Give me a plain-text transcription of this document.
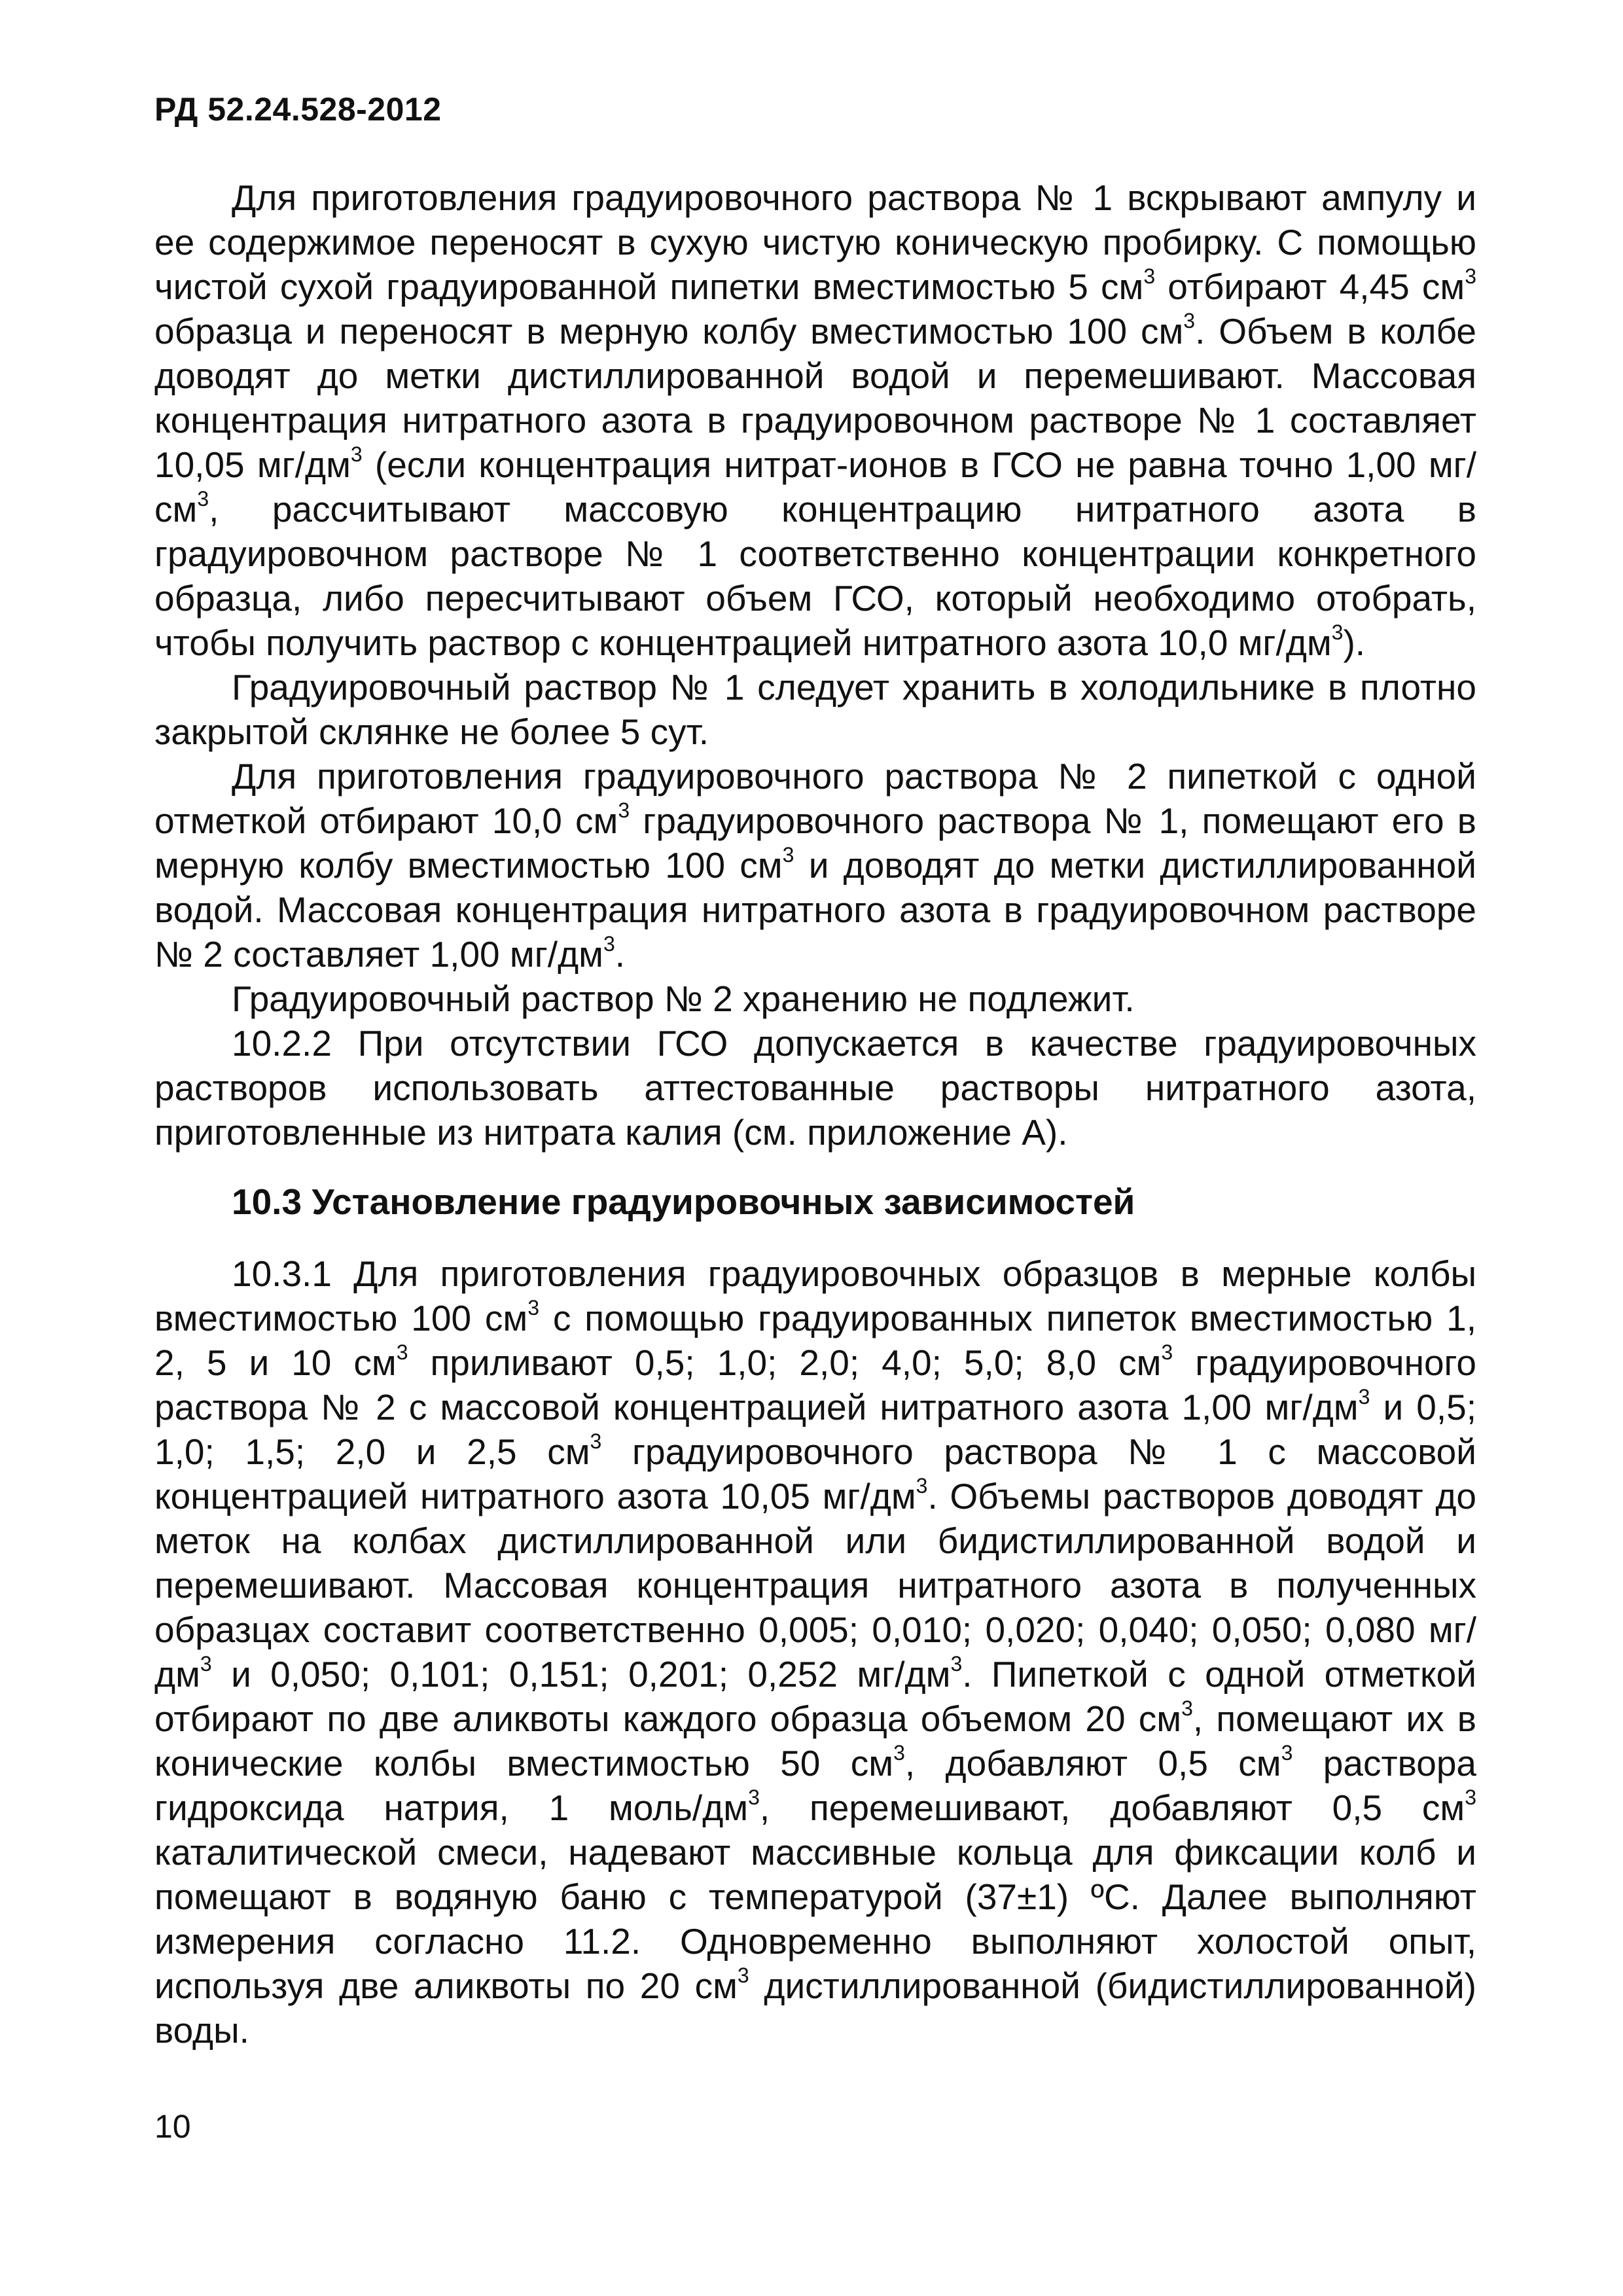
РД 52.24.528-2012

Для приготовления градуировочного раствора № 1 вскрывают ампулу и ее содержимое переносят в сухую чистую коническую пробирку. С помощью чистой сухой градуированной пипетки вместимостью 5 $см^3$ отбирают 4,45 $см^3$ образца и переносят в мерную колбу вместимостью 100 $см^3$. Объем в колбе доводят до метки дистиллированной водой и перемешивают. Массовая концентрация нитратного азота в градуировочном растворе № 1 составляет 10,05 $мг/дм^3$ (если концентрация нитрат-ионов в ГСО не равна точно 1,00 $мг/см^3$, рассчитывают массовую концентрацию нитратного азота в градуировочном растворе № 1 соответственно концентрации конкретного образца, либо пересчитывают объем ГСО, который необходимо отобрать, чтобы получить раствор с концентрацией нитратного азота 10,0 $мг/дм^3$).

Градуировочный раствор № 1 следует хранить в холодильнике в плотно закрытой склянке не более 5 сут.

Для приготовления градуировочного раствора № 2 пипеткой с одной отметкой отбирают 10,0 $см^3$ градуировочного раствора № 1, помещают его в мерную колбу вместимостью 100 $см^3$ и доводят до метки дистиллированной водой. Массовая концентрация нитратного азота в градуировочном растворе № 2 составляет 1,00 $мг/дм^3$.

Градуировочный раствор № 2 хранению не подлежит.

10.2.2 При отсутствии ГСО допускается в качестве градуировочных растворов использовать аттестованные растворы нитратного азота, приготовленные из нитрата калия (см. приложение А).

10.3 Установление градуировочных зависимостей

10.3.1 Для приготовления градуировочных образцов в мерные колбы вместимостью 100 $см^3$ с помощью градуированных пипеток вместимостью 1, 2, 5 и 10 $см^3$ приливают 0,5; 1,0; 2,0; 4,0; 5,0; 8,0 $см^3$ градуировочного раствора № 2 с массовой концентрацией нитратного азота 1,00 $мг/дм^3$ и 0,5; 1,0; 1,5; 2,0 и 2,5 $см^3$ градуировочного раствора № 1 с массовой концентрацией нитратного азота 10,05 $мг/дм^3$. Объемы растворов доводят до меток на колбах дистиллированной или бидистиллированной водой и перемешивают. Массовая концентрация нитратного азота в полученных образцах составит соответственно 0,005; 0,010; 0,020; 0,040; 0,050; 0,080 $мг/дм^3$ и 0,050; 0,101; 0,151; 0,201; 0,252 $мг/дм^3$. Пипеткой с одной отметкой отбирают по две аликвоты каждого образца объемом 20 $см^3$, помещают их в конические колбы вместимостью 50 $см^3$, добавляют 0,5 $см^3$ раствора гидроксида натрия, 1 моль/$дм^3$, перемешивают, добавляют 0,5 $см^3$ каталитической смеси, надевают массивные кольца для фиксации колб и помещают в водяную баню с температурой (37±1) ºС. Далее выполняют измерения согласно 11.2. Одновременно выполняют холостой опыт, используя две аликвоты по 20 $см^3$ дистиллированной (бидистиллированной) воды.

10
